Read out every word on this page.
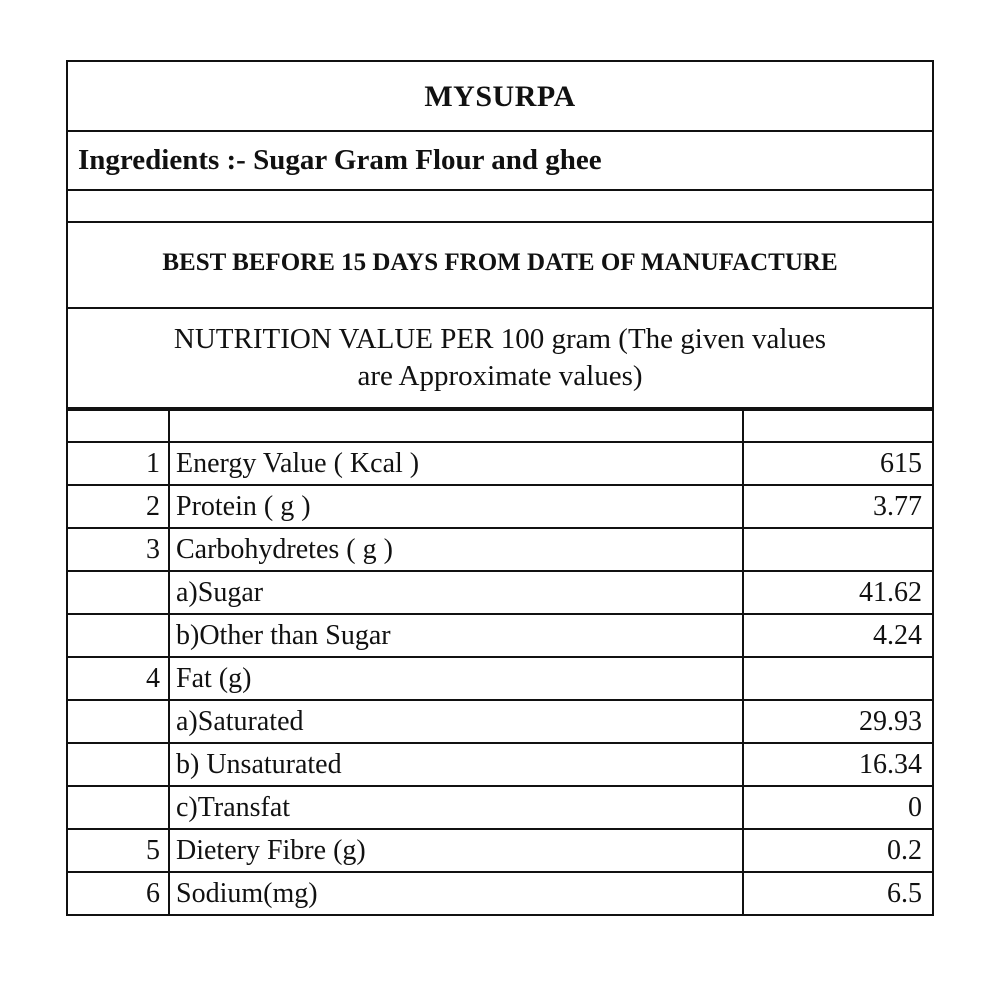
MYSURPA
Ingredients :- Sugar Gram Flour and ghee
BEST BEFORE 15 DAYS FROM DATE OF MANUFACTURE
NUTRITION VALUE PER 100 gram (The given values
are Approximate values)

1	Energy Value ( Kcal )	615
2	Protein ( g )	3.77
3	Carbohydretes ( g )	
	a)Sugar	41.62
	b)Other than Sugar	4.24
4	Fat (g)	
	a)Saturated	29.93
	b) Unsaturated	16.34
	c)Transfat	0
5	Dietery Fibre (g)	0.2
6	Sodium(mg)	6.5
